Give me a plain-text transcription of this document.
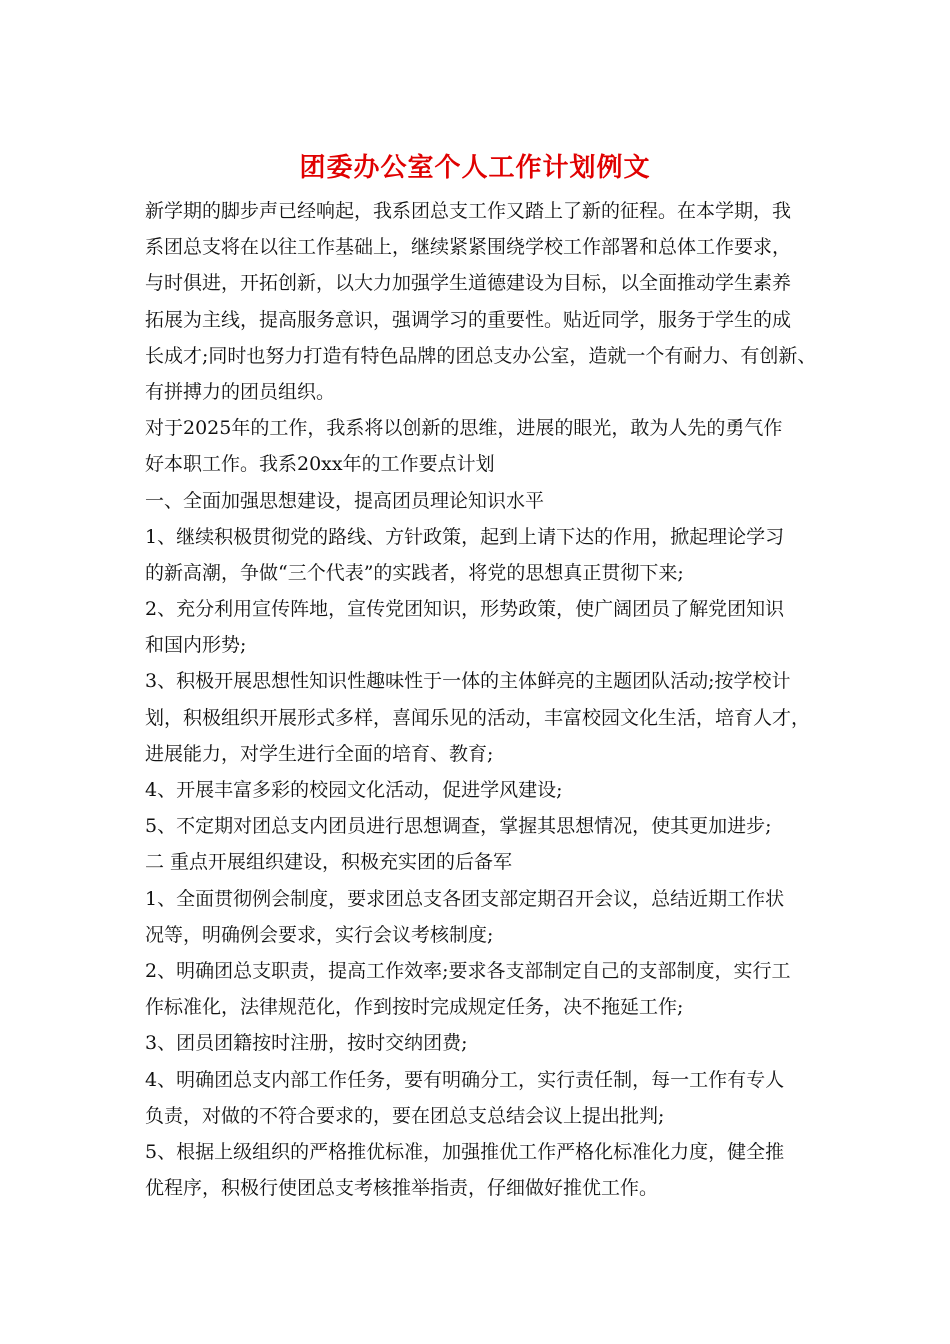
团委办公室个人工作计划例文
新学期的脚步声已经响起，我系团总支工作又踏上了新的征程。在本学期，我
系团总支将在以往工作基础上，继续紧紧围绕学校工作部署和总体工作要求，
与时俱进，开拓创新，以大力加强学生道德建设为目标，以全面推动学生素养
拓展为主线，提高服务意识，强调学习的重要性。贴近同学，服务于学生的成
长成才;同时也努力打造有特色品牌的团总支办公室，造就一个有耐力、有创新、
有拼搏力的团员组织。
对于2025年的工作，我系将以创新的思维，进展的眼光，敢为人先的勇气作
好本职工作。我系20xx年的工作要点计划
一、全面加强思想建设，提高团员理论知识水平
1、继续积极贯彻党的路线、方针政策，起到上请下达的作用，掀起理论学习
的新高潮，争做“三个代表”的实践者，将党的思想真正贯彻下来;
2、充分利用宣传阵地，宣传党团知识，形势政策，使广阔团员了解党团知识
和国内形势;
3、积极开展思想性知识性趣味性于一体的主体鲜亮的主题团队活动;按学校计
划，积极组织开展形式多样，喜闻乐见的活动，丰富校园文化生活，培育人才，
进展能力，对学生进行全面的培育、教育;
4、开展丰富多彩的校园文化活动，促进学风建设;
5、不定期对团总支内团员进行思想调查，掌握其思想情况，使其更加进步;
二 重点开展组织建设，积极充实团的后备军
1、全面贯彻例会制度，要求团总支各团支部定期召开会议，总结近期工作状
况等，明确例会要求，实行会议考核制度;
2、明确团总支职责，提高工作效率;要求各支部制定自己的支部制度，实行工
作标准化，法律规范化，作到按时完成规定任务，决不拖延工作;
3、团员团籍按时注册，按时交纳团费;
4、明确团总支内部工作任务，要有明确分工，实行责任制，每一工作有专人
负责，对做的不符合要求的，要在团总支总结会议上提出批判;
5、根据上级组织的严格推优标准，加强推优工作严格化标准化力度，健全推
优程序，积极行使团总支考核推举指责，仔细做好推优工作。
